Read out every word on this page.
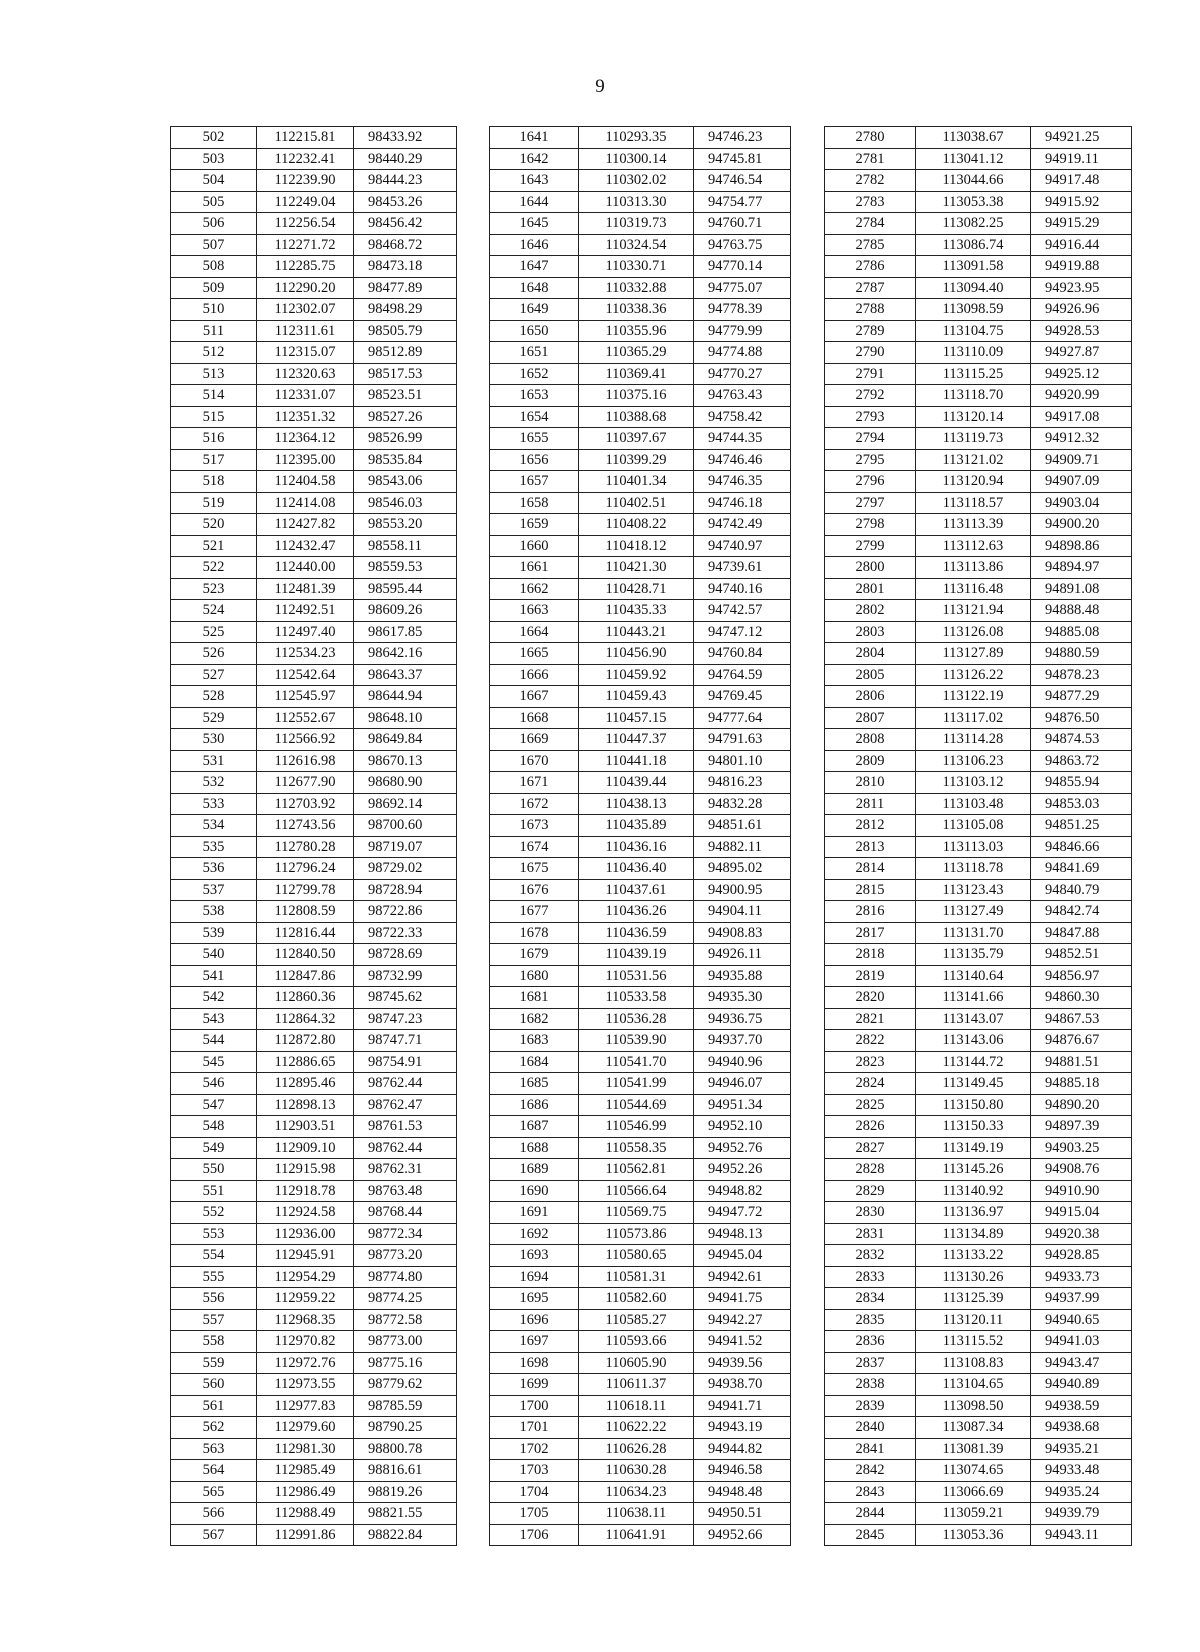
9
502	112215.81	98433.92
503	112232.41	98440.29
504	112239.90	98444.23
505	112249.04	98453.26
506	112256.54	98456.42
507	112271.72	98468.72
508	112285.75	98473.18
509	112290.20	98477.89
510	112302.07	98498.29
511	112311.61	98505.79
512	112315.07	98512.89
513	112320.63	98517.53
514	112331.07	98523.51
515	112351.32	98527.26
516	112364.12	98526.99
517	112395.00	98535.84
518	112404.58	98543.06
519	112414.08	98546.03
520	112427.82	98553.20
521	112432.47	98558.11
522	112440.00	98559.53
523	112481.39	98595.44
524	112492.51	98609.26
525	112497.40	98617.85
526	112534.23	98642.16
527	112542.64	98643.37
528	112545.97	98644.94
529	112552.67	98648.10
530	112566.92	98649.84
531	112616.98	98670.13
532	112677.90	98680.90
533	112703.92	98692.14
534	112743.56	98700.60
535	112780.28	98719.07
536	112796.24	98729.02
537	112799.78	98728.94
538	112808.59	98722.86
539	112816.44	98722.33
540	112840.50	98728.69
541	112847.86	98732.99
542	112860.36	98745.62
543	112864.32	98747.23
544	112872.80	98747.71
545	112886.65	98754.91
546	112895.46	98762.44
547	112898.13	98762.47
548	112903.51	98761.53
549	112909.10	98762.44
550	112915.98	98762.31
551	112918.78	98763.48
552	112924.58	98768.44
553	112936.00	98772.34
554	112945.91	98773.20
555	112954.29	98774.80
556	112959.22	98774.25
557	112968.35	98772.58
558	112970.82	98773.00
559	112972.76	98775.16
560	112973.55	98779.62
561	112977.83	98785.59
562	112979.60	98790.25
563	112981.30	98800.78
564	112985.49	98816.61
565	112986.49	98819.26
566	112988.49	98821.55
567	112991.86	98822.84
1641	110293.35	94746.23
1642	110300.14	94745.81
1643	110302.02	94746.54
1644	110313.30	94754.77
1645	110319.73	94760.71
1646	110324.54	94763.75
1647	110330.71	94770.14
1648	110332.88	94775.07
1649	110338.36	94778.39
1650	110355.96	94779.99
1651	110365.29	94774.88
1652	110369.41	94770.27
1653	110375.16	94763.43
1654	110388.68	94758.42
1655	110397.67	94744.35
1656	110399.29	94746.46
1657	110401.34	94746.35
1658	110402.51	94746.18
1659	110408.22	94742.49
1660	110418.12	94740.97
1661	110421.30	94739.61
1662	110428.71	94740.16
1663	110435.33	94742.57
1664	110443.21	94747.12
1665	110456.90	94760.84
1666	110459.92	94764.59
1667	110459.43	94769.45
1668	110457.15	94777.64
1669	110447.37	94791.63
1670	110441.18	94801.10
1671	110439.44	94816.23
1672	110438.13	94832.28
1673	110435.89	94851.61
1674	110436.16	94882.11
1675	110436.40	94895.02
1676	110437.61	94900.95
1677	110436.26	94904.11
1678	110436.59	94908.83
1679	110439.19	94926.11
1680	110531.56	94935.88
1681	110533.58	94935.30
1682	110536.28	94936.75
1683	110539.90	94937.70
1684	110541.70	94940.96
1685	110541.99	94946.07
1686	110544.69	94951.34
1687	110546.99	94952.10
1688	110558.35	94952.76
1689	110562.81	94952.26
1690	110566.64	94948.82
1691	110569.75	94947.72
1692	110573.86	94948.13
1693	110580.65	94945.04
1694	110581.31	94942.61
1695	110582.60	94941.75
1696	110585.27	94942.27
1697	110593.66	94941.52
1698	110605.90	94939.56
1699	110611.37	94938.70
1700	110618.11	94941.71
1701	110622.22	94943.19
1702	110626.28	94944.82
1703	110630.28	94946.58
1704	110634.23	94948.48
1705	110638.11	94950.51
1706	110641.91	94952.66
2780	113038.67	94921.25
2781	113041.12	94919.11
2782	113044.66	94917.48
2783	113053.38	94915.92
2784	113082.25	94915.29
2785	113086.74	94916.44
2786	113091.58	94919.88
2787	113094.40	94923.95
2788	113098.59	94926.96
2789	113104.75	94928.53
2790	113110.09	94927.87
2791	113115.25	94925.12
2792	113118.70	94920.99
2793	113120.14	94917.08
2794	113119.73	94912.32
2795	113121.02	94909.71
2796	113120.94	94907.09
2797	113118.57	94903.04
2798	113113.39	94900.20
2799	113112.63	94898.86
2800	113113.86	94894.97
2801	113116.48	94891.08
2802	113121.94	94888.48
2803	113126.08	94885.08
2804	113127.89	94880.59
2805	113126.22	94878.23
2806	113122.19	94877.29
2807	113117.02	94876.50
2808	113114.28	94874.53
2809	113106.23	94863.72
2810	113103.12	94855.94
2811	113103.48	94853.03
2812	113105.08	94851.25
2813	113113.03	94846.66
2814	113118.78	94841.69
2815	113123.43	94840.79
2816	113127.49	94842.74
2817	113131.70	94847.88
2818	113135.79	94852.51
2819	113140.64	94856.97
2820	113141.66	94860.30
2821	113143.07	94867.53
2822	113143.06	94876.67
2823	113144.72	94881.51
2824	113149.45	94885.18
2825	113150.80	94890.20
2826	113150.33	94897.39
2827	113149.19	94903.25
2828	113145.26	94908.76
2829	113140.92	94910.90
2830	113136.97	94915.04
2831	113134.89	94920.38
2832	113133.22	94928.85
2833	113130.26	94933.73
2834	113125.39	94937.99
2835	113120.11	94940.65
2836	113115.52	94941.03
2837	113108.83	94943.47
2838	113104.65	94940.89
2839	113098.50	94938.59
2840	113087.34	94938.68
2841	113081.39	94935.21
2842	113074.65	94933.48
2843	113066.69	94935.24
2844	113059.21	94939.79
2845	113053.36	94943.11
